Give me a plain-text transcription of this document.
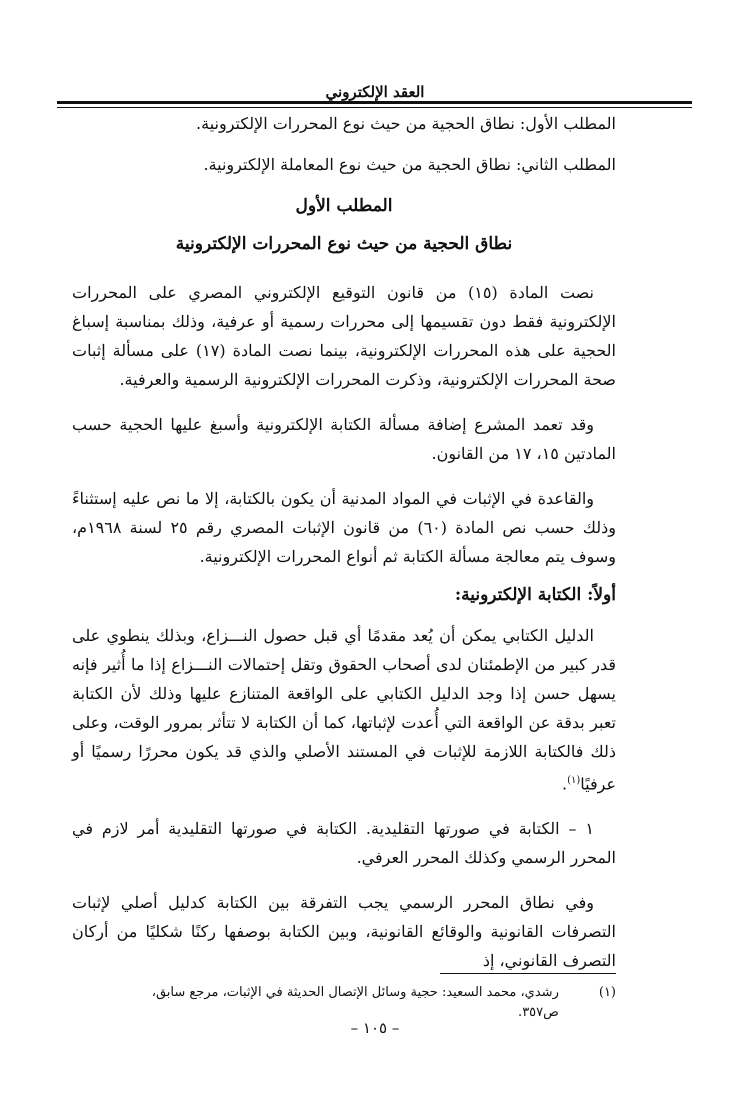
العقد الإلكتروني

المطلب الأول: نطاق الحجية من حيث نوع المحررات الإلكترونية.

المطلب الثاني: نطاق الحجية من حيث نوع المعاملة الإلكترونية.

المطلب الأول

نطاق الحجية من حيث نوع المحررات الإلكترونية

نصت المادة (١٥) من قانون التوقيع الإلكتروني المصري على المحررات الإلكترونية فقط دون تقسيمها إلى محررات رسمية أو عرفية، وذلك بمناسبة إسباغ الحجية على هذه المحررات الإلكترونية، بينما نصت المادة (١٧) على مسألة إثبات صحة المحررات الإلكترونية، وذكرت المحررات الإلكترونية الرسمية والعرفية.

وقد تعمد المشرع إضافة مسألة الكتابة الإلكترونية وأسبغ عليها الحجية حسب المادتين ١٥، ١٧ من القانون.

والقاعدة في الإثبات في المواد المدنية أن يكون بالكتابة، إلا ما نص عليه إستثناءً وذلك حسب نص المادة (٦٠) من قانون الإثبات المصري رقم ٢٥ لسنة ١٩٦٨م، وسوف يتم معالجة مسألة الكتابة ثم أنواع المحررات الإلكترونية.

أولاً: الكتابة الإلكترونية:

الدليل الكتابي يمكن أن يُعد مقدمًا أي قبل حصول النـــزاع، وبذلك ينطوي على قدر كبير من الإطمئنان لدى أصحاب الحقوق وتقل إحتمالات النـــزاع إذا ما أُثير فإنه يسهل حسن إذا وجد الدليل الكتابي على الواقعة المتنازع عليها وذلك لأن الكتابة تعبر بدقة عن الواقعة التي أُعدت لإثباتها، كما أن الكتابة لا تتأثر بمرور الوقت، وعلى ذلك فالكتابة اللازمة للإثبات في المستند الأصلي والذي قد يكون محررًا رسميًا أو عرفيًا$^{(١)}$.

١ – الكتابة في صورتها التقليدية. الكتابة في صورتها التقليدية أمر لازم في المحرر الرسمي وكذلك المحرر العرفي.

وفي نطاق المحرر الرسمي يجب التفرقة بين الكتابة كدليل أصلي لإثبات التصرفات القانونية والوقائع القانونية، وبين الكتابة بوصفها ركنًا شكليًا من أركان التصرف القانوني، إذ

(١)
رشدي، محمد السعيد: حجية وسائل الإتصال الحديثة في الإثبات، مرجع سابق، ص٣٥٧.
– ١٠٥ –
